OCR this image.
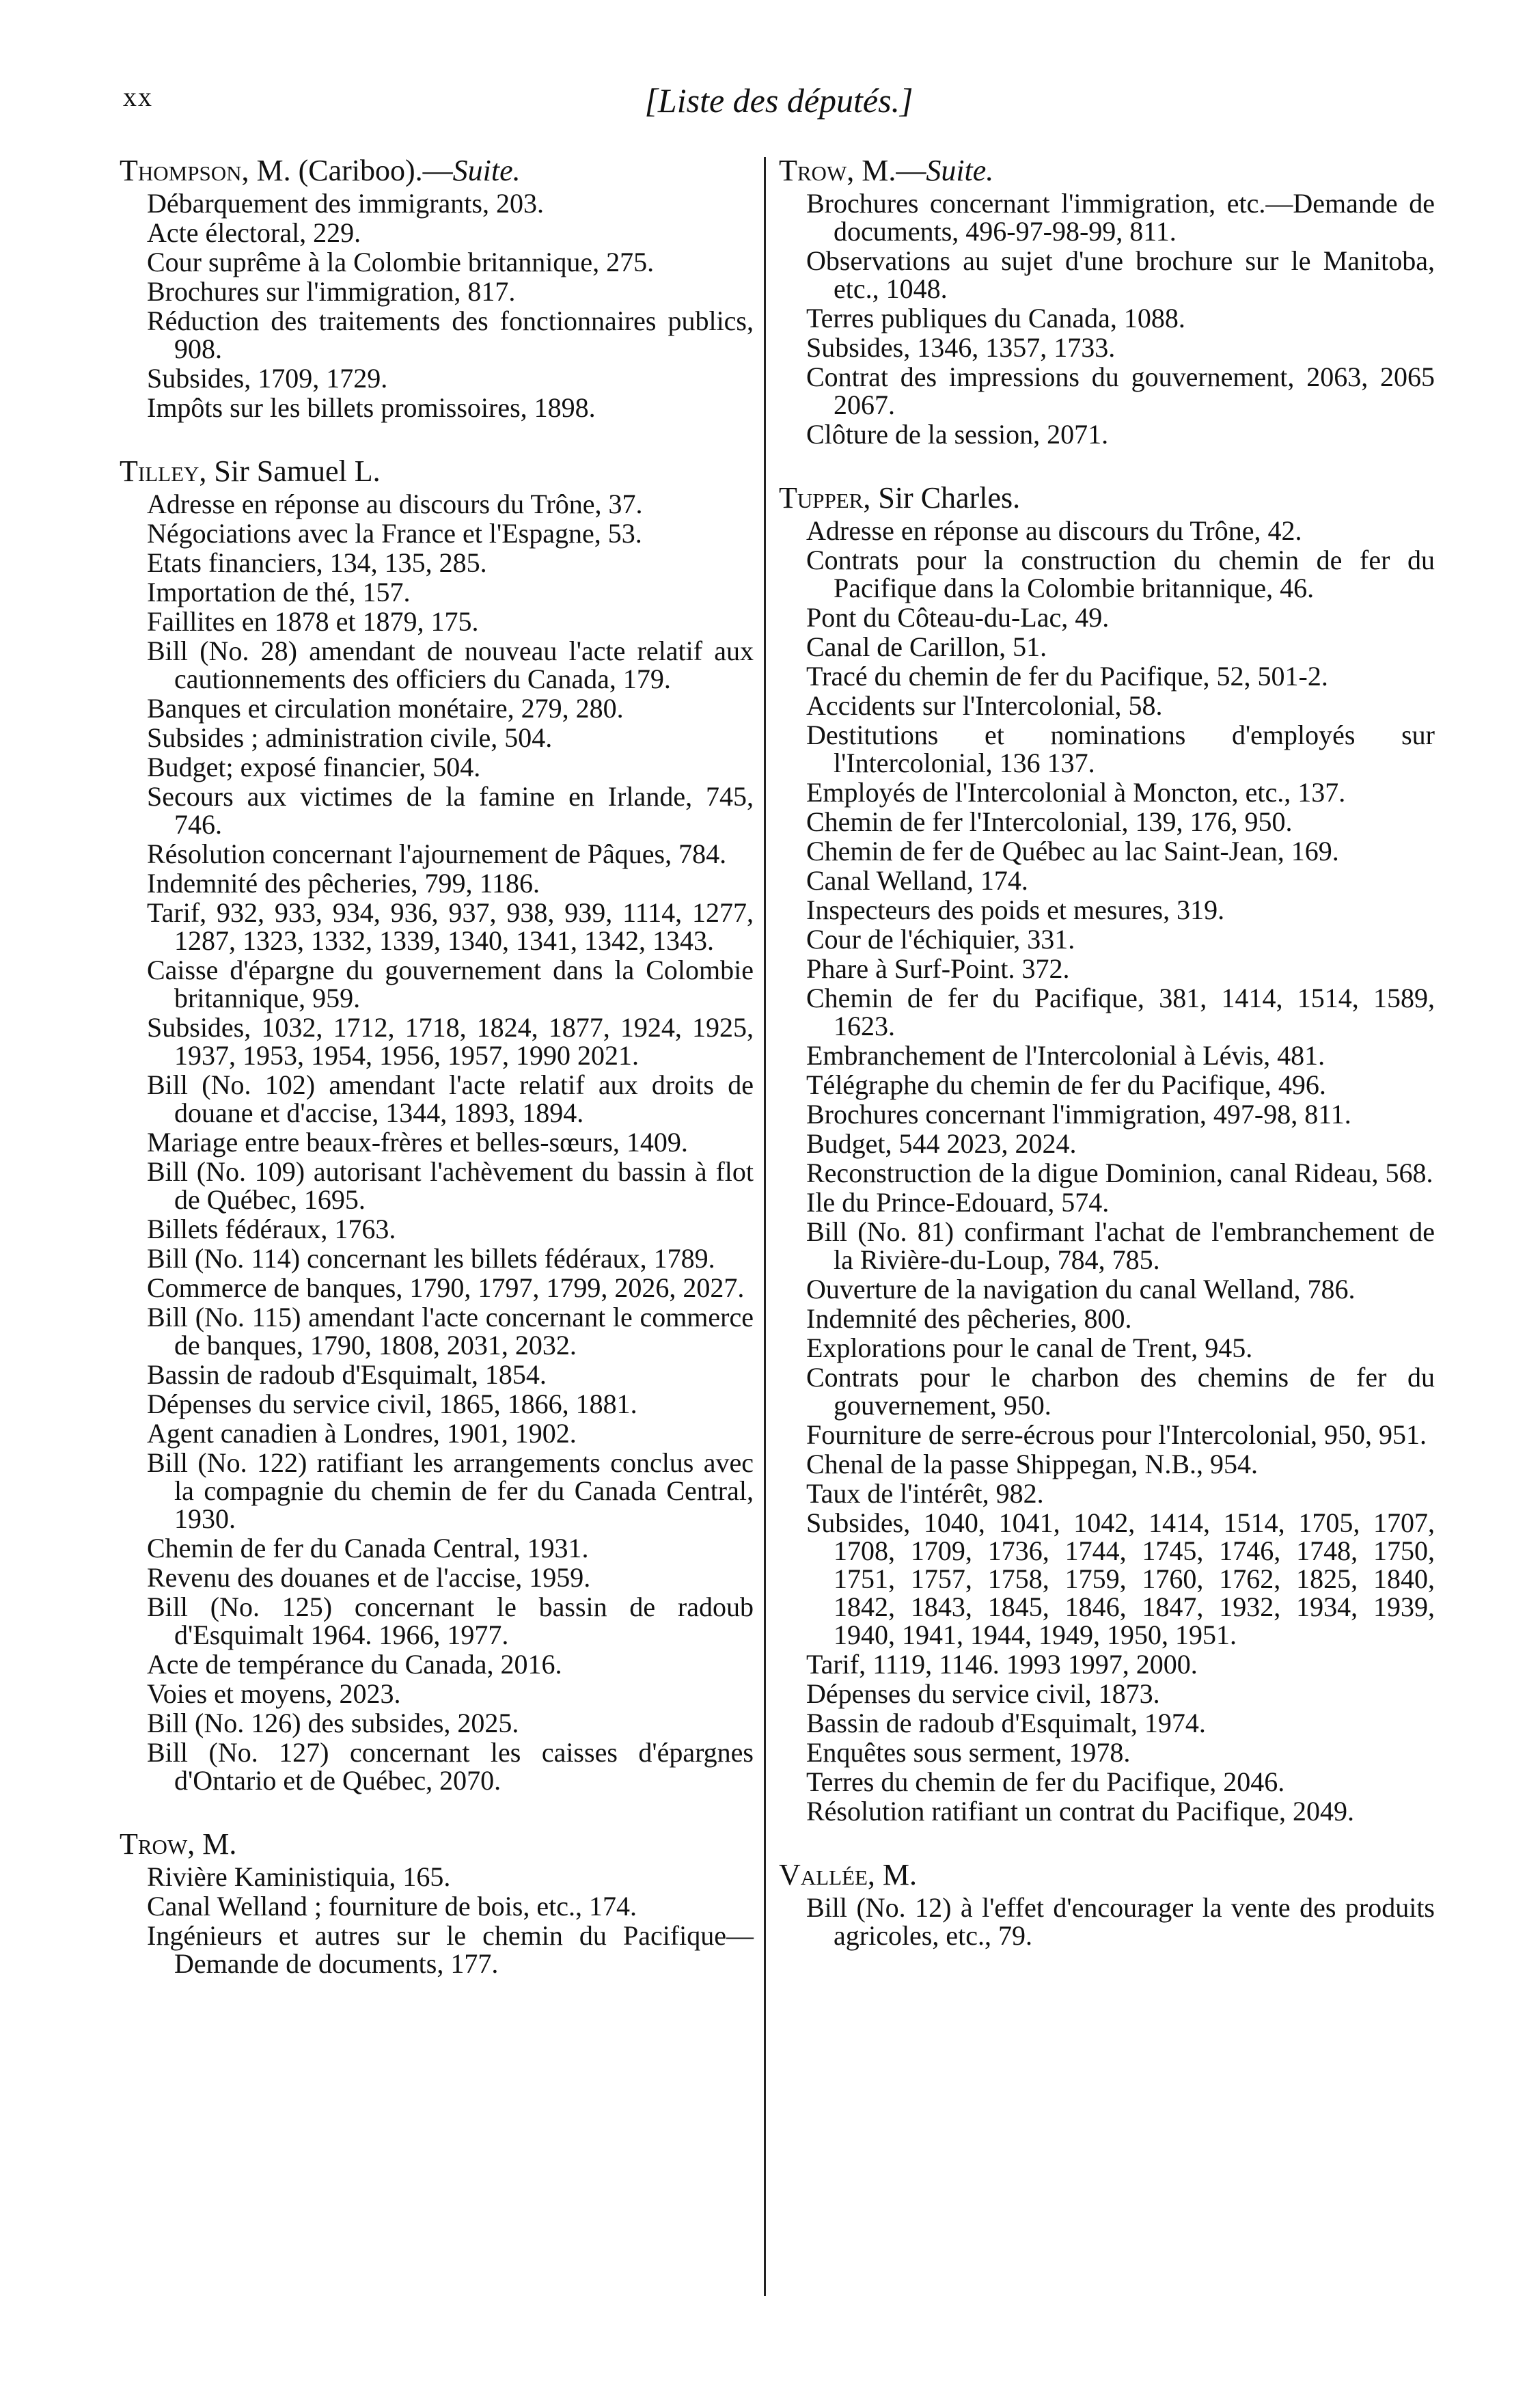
xx	[Liste des députés.]
Thompson, M. (Cariboo).—Suite.
Débarquement des immigrants, 203.
Acte électoral, 229.
Cour suprême à la Colombie britannique, 275.
Brochures sur l'immigration, 817.
Réduction des traitements des fonctionnaires publics, 908.
Subsides, 1709, 1729.
Impôts sur les billets promissoires, 1898.
Tilley, Sir Samuel L.
Adresse en réponse au discours du Trône, 37.
Négociations avec la France et l'Espagne, 53.
Etats financiers, 134, 135, 285.
Importation de thé, 157.
Faillites en 1878 et 1879, 175.
Bill (No. 28) amendant de nouveau l'acte relatif aux cautionnements des officiers du Canada, 179.
Banques et circulation monétaire, 279, 280.
Subsides ; administration civile, 504.
Budget; exposé financier, 504.
Secours aux victimes de la famine en Irlande, 745, 746.
Résolution concernant l'ajournement de Pâques, 784.
Indemnité des pêcheries, 799, 1186.
Tarif, 932, 933, 934, 936, 937, 938, 939, 1114, 1277, 1287, 1323, 1332, 1339, 1340, 1341, 1342, 1343.
Caisse d'épargne du gouvernement dans la Colombie britannique, 959.
Subsides, 1032, 1712, 1718, 1824, 1877, 1924, 1925, 1937, 1953, 1954, 1956, 1957, 1990 2021.
Bill (No. 102) amendant l'acte relatif aux droits de douane et d'accise, 1344, 1893, 1894.
Mariage entre beaux-frères et belles-sœurs, 1409.
Bill (No. 109) autorisant l'achèvement du bassin à flot de Québec, 1695.
Billets fédéraux, 1763.
Bill (No. 114) concernant les billets fédéraux, 1789.
Commerce de banques, 1790, 1797, 1799, 2026, 2027.
Bill (No. 115) amendant l'acte concernant le commerce de banques, 1790, 1808, 2031, 2032.
Bassin de radoub d'Esquimalt, 1854.
Dépenses du service civil, 1865, 1866, 1881.
Agent canadien à Londres, 1901, 1902.
Bill (No. 122) ratifiant les arrangements conclus avec la compagnie du chemin de fer du Canada Central, 1930.
Chemin de fer du Canada Central, 1931.
Revenu des douanes et de l'accise, 1959.
Bill (No. 125) concernant le bassin de radoub d'Esquimalt 1964. 1966, 1977.
Acte de tempérance du Canada, 2016.
Voies et moyens, 2023.
Bill (No. 126) des subsides, 2025.
Bill (No. 127) concernant les caisses d'épargnes d'Ontario et de Québec, 2070.
Trow, M.
Rivière Kaministiquia, 165.
Canal Welland ; fourniture de bois, etc., 174.
Ingénieurs et autres sur le chemin du Pacifique—Demande de documents, 177.
Trow, M.—Suite.
Brochures concernant l'immigration, etc.—Demande de documents, 496-97-98-99, 811.
Observations au sujet d'une brochure sur le Manitoba, etc., 1048.
Terres publiques du Canada, 1088.
Subsides, 1346, 1357, 1733.
Contrat des impressions du gouvernement, 2063, 2065 2067.
Clôture de la session, 2071.
Tupper, Sir Charles.
Adresse en réponse au discours du Trône, 42.
Contrats pour la construction du chemin de fer du Pacifique dans la Colombie britannique, 46.
Pont du Côteau-du-Lac, 49.
Canal de Carillon, 51.
Tracé du chemin de fer du Pacifique, 52, 501-2.
Accidents sur l'Intercolonial, 58.
Destitutions et nominations d'employés sur l'Intercolonial, 136 137.
Employés de l'Intercolonial à Moncton, etc., 137.
Chemin de fer l'Intercolonial, 139, 176, 950.
Chemin de fer de Québec au lac Saint-Jean, 169.
Canal Welland, 174.
Inspecteurs des poids et mesures, 319.
Cour de l'échiquier, 331.
Phare à Surf-Point. 372.
Chemin de fer du Pacifique, 381, 1414, 1514, 1589, 1623.
Embranchement de l'Intercolonial à Lévis, 481.
Télégraphe du chemin de fer du Pacifique, 496.
Brochures concernant l'immigration, 497-98, 811.
Budget, 544 2023, 2024.
Reconstruction de la digue Dominion, canal Rideau, 568.
Ile du Prince-Edouard, 574.
Bill (No. 81) confirmant l'achat de l'embranchement de la Rivière-du-Loup, 784, 785.
Ouverture de la navigation du canal Welland, 786.
Indemnité des pêcheries, 800.
Explorations pour le canal de Trent, 945.
Contrats pour le charbon des chemins de fer du gouvernement, 950.
Fourniture de serre-écrous pour l'Intercolonial, 950, 951.
Chenal de la passe Shippegan, N.B., 954.
Taux de l'intérêt, 982.
Subsides, 1040, 1041, 1042, 1414, 1514, 1705, 1707, 1708, 1709, 1736, 1744, 1745, 1746, 1748, 1750, 1751, 1757, 1758, 1759, 1760, 1762, 1825, 1840, 1842, 1843, 1845, 1846, 1847, 1932, 1934, 1939, 1940, 1941, 1944, 1949, 1950, 1951.
Tarif, 1119, 1146. 1993 1997, 2000.
Dépenses du service civil, 1873.
Bassin de radoub d'Esquimalt, 1974.
Enquêtes sous serment, 1978.
Terres du chemin de fer du Pacifique, 2046.
Résolution ratifiant un contrat du Pacifique, 2049.
Vallée, M.
Bill (No. 12) à l'effet d'encourager la vente des produits agricoles, etc., 79.
